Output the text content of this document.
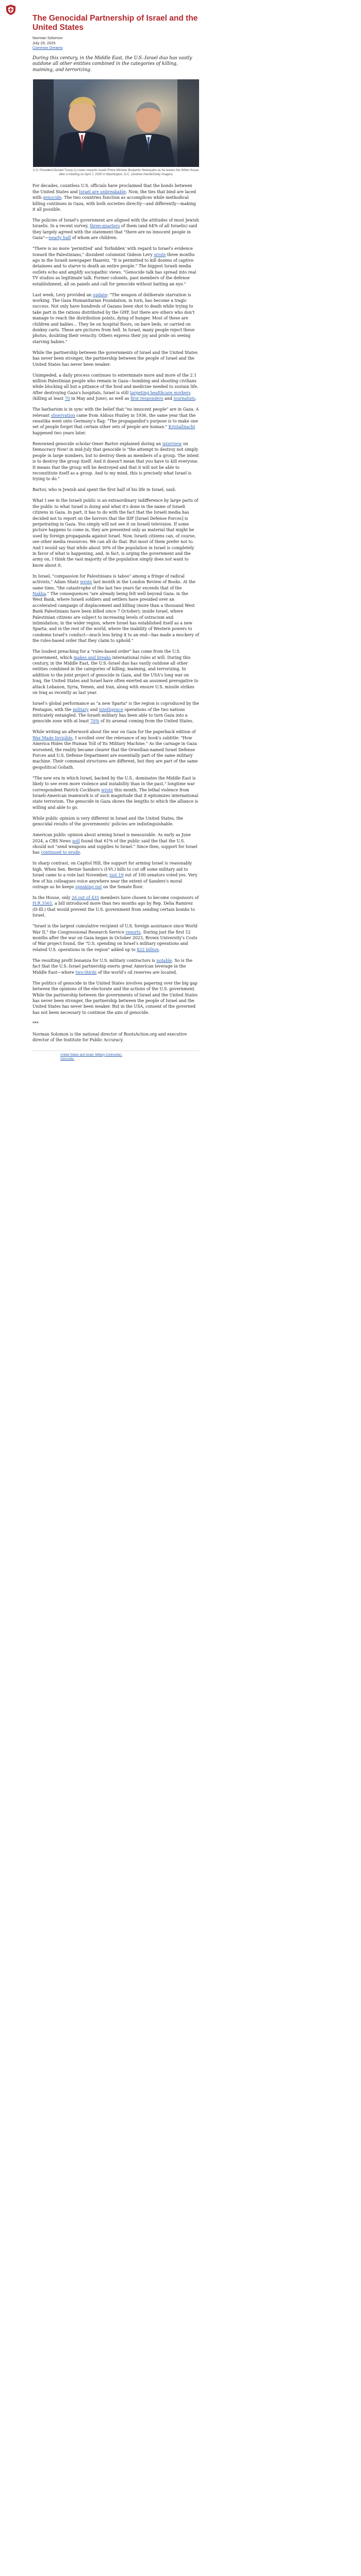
The Genocidal Partnership of Israel and the United States
Norman Solomon
July 29, 2025
Common Dreams

During this century, in the Middle East, the U.S.-Israel duo has vastly outdone all other entities combined in the categories of killing, maiming, and terrorizing.

U.S. President Donald Trump (L) looks towards Israeli Prime Minister Benjamin Netanyahu as he leaves the White House after a meeting on April 7, 2025 in Washington, D.C. (Andrew Harnik/Getty Images)

For decades, countless U.S. officials have proclaimed that the bonds between the United States and Israel are unbreakable. Now, the ties that bind are laced with genocide. The two countries function as accomplices while methodical killing continues in Gaza, with both societies directly—and differently—making it all possible.

The policies of Israel's government are aligned with the attitudes of most Jewish Israelis. In a recent survey, three-quarters of them (and 64% of all Israelis) said they largely agreed with the statement that "there are no innocent people in Gaza"—nearly half of whom are children.

"There is no more 'permitted' and 'forbidden' with regard to Israel's evidence toward the Palestinians," dissident columnist Gideon Levy wrote three months ago in the Israeli newspaper Haaretz. "It is permitted to kill dozens of captive detainees and to starve to death an entire people." The biggest Israeli media outlets echo and amplify sociopathic views. "Genocide talk has spread into real TV studios as legitimate talk. Former colonels, past members of the defense establishment, all on panels and call for genocide without batting an eye."

Last week, Levy provided an update: "The weapon of deliberate starvation is working. The Gaza Humanitarian Foundation, in turn, has become a tragic success. Not only have hundreds of Gazans been shot to death while trying to take part in the rations distributed by the GHF, but there are others who don't manage to reach the distribution points, dying of hunger. Most of these are children and babies... They lie on hospital floors, on bare beds, or carried on donkey carts. These are pictures from hell. In Israel, many people reject these photos, doubting their veracity. Others express their joy and pride on seeing starving babies."

While the partnership between the governments of Israel and the United States has never been stronger, the partnership between the people of Israel and the United States has never been weaker.

Unimpeded, a daily process continues to exterminate more and more of the 2.1 million Palestinian people who remain in Gaza—bombing and shooting civilians while blocking all but a pittance of the food and medicine needed to sustain life. After destroying Gaza's hospitals, Israel is still targeting healthcare workers (killing at least 70 in May and June), as well as first responders and journalists.

The barbarism is in sync with the belief that "no innocent people" are in Gaza. A relevant observation came from Aldous Huxley in 1936, the same year that the swastika went onto Germany's flag: "The propagandist's purpose is to make one set of people forget that certain other sets of people are human." Kristallnacht happened two years later.

Renowned genocide scholar Omer Bartov explained during an interview on Democracy Now! in mid-July that genocide is "the attempt to destroy not simply people in large numbers, but to destroy them as members of a group. The intent is to destroy the group itself. And it doesn't mean that you have to kill everyone. It means that the group will be destroyed and that it will not be able to reconstitute itself as a group. And to my mind, this is precisely what Israel is trying to do."

Bartov, who is Jewish and spent the first half of his life in Israel, said:

What I see in the Israeli public is an extraordinary indifference by large parts of the public to what Israel is doing and what it's done in the name of Israeli citizens in Gaza. In part, it has to do with the fact that the Israeli media has decided not to report on the horrors that the IDF [Israel Defense Forces] is perpetrating in Gaza. You simply will not see it on Israeli television. If some picture happens to come in, they are presented only as material that might be used by foreign propaganda against Israel. Now, Israeli citizens can, of course, see other media resources. We can all do that. But most of them prefer not to. And I would say that while about 30% of the population in Israel is completely in favor of what is happening, and, in fact, is urging the government and the army on, I think the vast majority of the population simply does not want to know about it.

In Israel, "compassion for Palestinians is taboo" among a fringe of radical activists," Adam Shatz wrote last month in the London Review of Books. At the same time, "the catastrophe of the last two years far exceeds that of the Nakba." The consequences "are already being felt well beyond Gaza: in the West Bank, where Israeli soldiers and settlers have presided over an accelerated campaign of displacement and killing (more than a thousand West Bank Palestinians have been killed since 7 October); inside Israel, where Palestinian citizens are subject to increasing levels of ostracism and intimidation; in the wider region, where Israel has established itself as a new Sparta; and in the rest of the world, where the inability of Western powers to condemn Israel's conduct—much less bring it to an end—has made a mockery of the rules-based order that they claim to uphold."

The loudest preaching for a "rules-based order" has come from the U.S. government, which makes and breaks international rules at will. During this century, in the Middle East, the U.S.-Israel duo has vastly outdone all other entities combined in the categories of killing, maiming, and terrorizing. In addition to the joint project of genocide in Gaza, and the USA's long war on Iraq, the United States and Israel have often exerted an assumed prerogative to attack Lebanon, Syria, Yemen, and Iran, along with ensure U.S. missile strikes on Iraq as recently as last year.

Israel's global performance as "a new Sparta" is the region is coproduced by the Pentagon, with the military and intelligence operations of the two nations intricately entangled. The Israeli military has been able to turn Gaza into a genocide zone with at least 70% of its arsenal coming from the United States.

While writing an afterword about the war on Gaza for the paperback edition of War Made Invisible, I scrolled over the relevance of my book's subtitle: "How America Hides the Human Toll of Its Military Machine." As the carnage in Gaza worsened, the reality became clearer that the Orwellian-named Israel Defense Forces and U.S. Defense Department are essentially part of the same military machine. Their command structures are different, but they are part of the same geopolitical Goliath.

"The new era in which Israel, backed by the U.S., dominates the Middle East is likely to see even more violence and instability than in the past," longtime war correspondent Patrick Cockburn wrote this month. The lethal violence from Israeli-American teamwork is of such magnitude that it epitomizes international state terrorism. The genocide in Gaza shows the lengths to which the alliance is willing and able to go.

While public opinion is very different in Israel and the United States, the genocidal results of the governments' policies are indistinguishable.

American public opinion about arming Israel is measurable. As early as June 2024, a CBS News poll found that 61% of the public said the that the U.S. should not "send weapons and supplies to Israel." Since then, support for Israel has continued to erode.

In sharp contrast, on Capitol Hill, the support for arming Israel is reasonably high. When Sen. Bernie Sanders's (I-Vt.) bills to cut off some military aid to Israel came to a vote last November, just 19 out of 100 senators voted yes. Very few of his colleagues voice anywhere near the extent of Sanders's moral outrage as he keeps speaking out on the Senate floor.

In the House, only 26 out of 435 members have chosen to become cosponsors of H.R.3565, a bill introduced more than two months ago by Rep. Delia Ramirez (D-Ill.) that would prevent the U.S. government from sending certain bombs to Israel.

"Israel is the largest cumulative recipient of U.S. foreign assistance since World War II," the Congressional Research Service reports. During just the first 12 months after the war on Gaza began in October 2023, Brown University's Costs of War project found, the "U.S. spending on Israel's military operations and related U.S. operations in the region" added up to $22 billion.

The resulting profit bonanza for U.S. military contractors is notable. So is the fact that the U.S.-Israel partnership exerts great American leverage in the Middle East—where two-thirds of the world's oil reserves are located.

The politics of genocide in the United States involves papering over the big gap between the opinions of the electorate and the actions of the U.S. government. While the partnership between the governments of Israel and the United States has never been stronger, the partnership between the people of Israel and the United States has never been weaker. But in the USA, consent of the governed has not been necessary to continue the axis of genocide.

***

Norman Solomon is the national director of RootsAction.org and executive director of the Institute for Public Accuracy.

United States and Israel: Military Connection,
Genocide,
